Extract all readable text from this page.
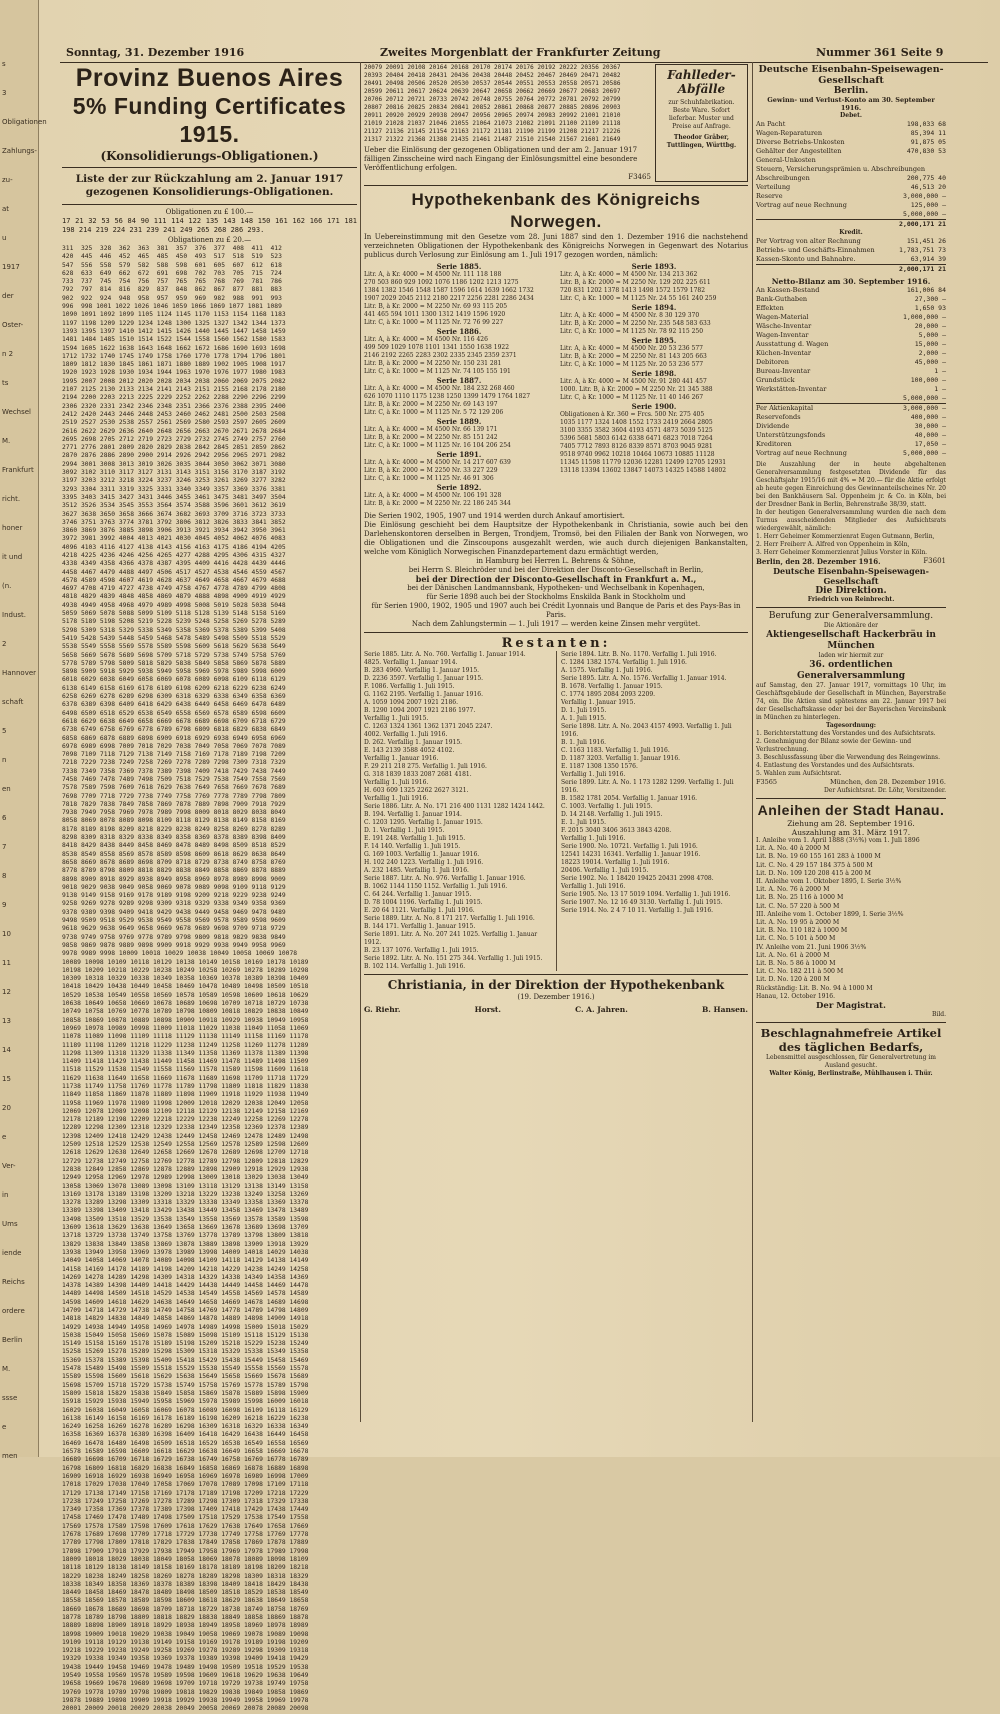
s
3
Obligationen
Zahlungs-
zu-
at
u
1917
der
Oster-
n 2
ts
Wechsel
M.
Frankfurt
richt.
honer
it und
(n.
Indust.
2
Hannover
schaft
5
n
en
6
7
8
9
10
11
12
13
14
15
20
e
Ver-
in
Ums
iende
Reichs
ordere
Berlin
M.
ssse
e
men
Sonntag, 31. Dezember 1916	Zweites Morgenblatt der Frankfurter Zeitung	Nummer 361 Seite 9
Provinz Buenos Aires
5% Funding Certificates 1915.
(Konsolidierungs-Obligationen.)
Liste der zur Rückzahlung am 2. Januar 1917 gezogenen Konsolidierungs-Obligationen.
Obligationen zu £ 100.—
17 21 32 53 56 84 90 111 114 122 135 143 148 150 161 162 166 171 181 198 214 219 224 231 239 241 249 265 268 286 293.
Obligationen zu £ 20.—
311  325  328  362  363  381  357  376  377  408  411  412
420  445  446  452  465  485  450  493  517  518  519  523
547  556  558  579  582  588  598  601  605  607  612  618
628  633  649  662  672  691  698  702  703  705  715  724
733  737  745  754  756  757  765  765  768  769  781  786
792  797  814  816  829  837  848  862  867  877  881  883
902  922  924  948  958  957  959  969  982  988  991  993
996  998 1001 1022 1026 1046 1059 1066 1069 1077 1081 1089
1090 1091 1092 1099 1105 1124 1145 1170 1153 1154 1168 1183
1197 1198 1209 1229 1234 1248 1300 1325 1327 1342 1344 1373
1393 1395 1397 1410 1412 1415 1426 1440 1445 1447 1458 1459
1481 1484 1485 1510 1514 1522 1544 1558 1560 1562 1580 1583
1594 1605 1622 1638 1643 1648 1662 1672 1686 1690 1693 1698
1712 1732 1740 1745 1749 1758 1760 1770 1778 1794 1796 1801
1809 1812 1830 1845 1861 1871 1880 1889 1902 1905 1908 1917
1920 1923 1928 1930 1934 1944 1963 1970 1976 1977 1980 1983
1995 2007 2008 2012 2020 2028 2034 2038 2060 2069 2075 2082
2107 2125 2130 2133 2134 2141 2143 2151 2155 2168 2178 2180
2194 2200 2203 2213 2225 2229 2252 2262 2288 2290 2296 2299
2306 2320 2331 2342 2346 2348 2351 2366 2376 2388 2395 2400
2412 2420 2443 2446 2448 2453 2460 2462 2481 2500 2503 2508
2519 2527 2530 2538 2557 2561 2569 2580 2593 2597 2605 2609
2616 2622 2629 2636 2640 2648 2656 2663 2670 2671 2678 2684
2695 2698 2705 2712 2719 2723 2729 2732 2745 2749 2757 2760
2771 2776 2801 2809 2820 2829 2838 2842 2845 2851 2859 2862
2870 2876 2886 2890 2900 2914 2926 2942 2956 2965 2971 2982
2994 3001 3008 3013 3019 3026 3035 3044 3050 3062 3071 3080
3092 3102 3110 3117 3127 3131 3143 3151 3156 3170 3187 3192
3197 3203 3212 3218 3224 3237 3246 3253 3261 3269 3277 3282
3293 3304 3311 3319 3325 3331 3340 3349 3357 3369 3376 3381
3395 3403 3415 3427 3431 3446 3455 3461 3475 3481 3497 3504
3512 3526 3534 3545 3553 3564 3574 3588 3596 3601 3612 3619
3627 3638 3650 3658 3666 3674 3682 3693 3709 3716 3723 3733
3746 3751 3763 3774 3781 3792 3806 3812 3826 3833 3841 3852
3860 3869 3876 3885 3898 3906 3913 3921 3934 3942 3950 3961
3972 3981 3992 4004 4013 4021 4030 4045 4052 4062 4076 4083
4096 4103 4116 4127 4138 4143 4156 4163 4175 4186 4194 4205
4218 4225 4236 4246 4256 4265 4277 4288 4295 4306 4315 4327
4338 4349 4358 4366 4378 4387 4395 4409 4416 4428 4439 4446
4458 4467 4479 4488 4497 4506 4517 4527 4538 4546 4559 4567
4578 4589 4598 4607 4619 4628 4637 4649 4658 4667 4679 4688
4697 4708 4719 4727 4738 4749 4758 4767 4778 4789 4799 4808
4818 4829 4839 4848 4858 4869 4879 4888 4898 4909 4919 4929
4938 4949 4958 4968 4979 4989 4998 5008 5019 5028 5038 5048
5059 5069 5078 5088 5099 5109 5118 5128 5139 5148 5158 5169
5178 5189 5198 5208 5219 5228 5239 5248 5258 5269 5278 5289
5298 5309 5318 5329 5338 5349 5358 5369 5378 5389 5399 5408
5419 5428 5439 5448 5459 5468 5478 5489 5498 5509 5518 5529
5538 5549 5558 5569 5578 5589 5598 5609 5618 5629 5638 5649
5658 5669 5678 5689 5698 5709 5718 5729 5738 5749 5758 5769
5778 5789 5798 5809 5818 5829 5838 5849 5858 5869 5878 5889
5898 5909 5918 5929 5938 5949 5958 5969 5978 5989 5998 6009
6018 6029 6038 6049 6058 6069 6078 6089 6098 6109 6118 6129
6138 6149 6158 6169 6178 6189 6198 6209 6218 6229 6238 6249
6258 6269 6278 6289 6298 6309 6318 6329 6338 6349 6358 6369
6378 6389 6398 6409 6418 6429 6438 6449 6458 6469 6478 6489
6498 6509 6518 6529 6538 6549 6558 6569 6578 6589 6598 6609
6618 6629 6638 6649 6658 6669 6678 6689 6698 6709 6718 6729
6738 6749 6758 6769 6778 6789 6798 6809 6818 6829 6838 6849
6858 6869 6878 6889 6898 6909 6918 6929 6938 6949 6958 6969
6978 6989 6998 7009 7018 7029 7038 7049 7058 7069 7078 7089
7098 7109 7118 7129 7138 7149 7158 7169 7178 7189 7198 7209
7218 7229 7238 7249 7258 7269 7278 7289 7298 7309 7318 7329
7338 7349 7358 7369 7378 7389 7398 7409 7418 7429 7438 7449
7458 7469 7478 7489 7498 7509 7518 7529 7538 7549 7558 7569
7578 7589 7598 7609 7618 7629 7638 7649 7658 7669 7678 7689
7698 7709 7718 7729 7738 7749 7758 7769 7778 7789 7798 7809
7818 7829 7838 7849 7858 7869 7878 7889 7898 7909 7918 7929
7938 7949 7958 7969 7978 7989 7998 8009 8018 8029 8038 8049
8058 8069 8078 8089 8098 8109 8118 8129 8138 8149 8158 8169
8178 8189 8198 8209 8218 8229 8238 8249 8258 8269 8278 8289
8298 8309 8318 8329 8338 8349 8358 8369 8378 8389 8398 8409
8418 8429 8438 8449 8458 8469 8478 8489 8498 8509 8518 8529
8538 8549 8558 8569 8578 8589 8598 8609 8618 8629 8638 8649
8658 8669 8678 8689 8698 8709 8718 8729 8738 8749 8758 8769
8778 8789 8798 8809 8818 8829 8838 8849 8858 8869 8878 8889
8898 8909 8918 8929 8938 8949 8958 8969 8978 8989 8998 9009
9018 9029 9038 9049 9058 9069 9078 9089 9098 9109 9118 9129
9138 9149 9158 9169 9178 9189 9198 9209 9218 9229 9238 9249
9258 9269 9278 9289 9298 9309 9318 9329 9338 9349 9358 9369
9378 9389 9398 9409 9418 9429 9438 9449 9458 9469 9478 9489
9498 9509 9518 9529 9538 9549 9558 9569 9578 9589 9598 9609
9618 9629 9638 9649 9658 9669 9678 9689 9698 9709 9718 9729
9738 9749 9758 9769 9778 9789 9798 9809 9818 9829 9838 9849
9858 9869 9878 9889 9898 9909 9918 9929 9938 9949 9958 9969
9978 9989 9998 10009 10018 10029 10038 10049 10058 10069 10078
10089 10098 10109 10118 10129 10138 10149 10158 10169 10178 10189
10198 10209 10218 10229 10238 10249 10258 10269 10278 10289 10298
10309 10318 10329 10338 10349 10358 10369 10378 10389 10398 10409
10418 10429 10438 10449 10458 10469 10478 10489 10498 10509 10518
10529 10538 10549 10558 10569 10578 10589 10598 10609 10618 10629
10638 10649 10658 10669 10678 10689 10698 10709 10718 10729 10738
10749 10758 10769 10778 10789 10798 10809 10818 10829 10838 10849
10858 10869 10878 10889 10898 10909 10918 10929 10938 10949 10958
10969 10978 10989 10998 11009 11018 11029 11038 11049 11058 11069
11078 11089 11098 11109 11118 11129 11138 11149 11158 11169 11178
11189 11198 11209 11218 11229 11238 11249 11258 11269 11278 11289
11298 11309 11318 11329 11338 11349 11358 11369 11378 11389 11398
11409 11418 11429 11438 11449 11458 11469 11478 11489 11498 11509
11518 11529 11538 11549 11558 11569 11578 11589 11598 11609 11618
11629 11638 11649 11658 11669 11678 11689 11698 11709 11718 11729
11738 11749 11758 11769 11778 11789 11798 11809 11818 11829 11838
11849 11858 11869 11878 11889 11898 11909 11918 11929 11938 11949
11958 11969 11978 11989 11998 12009 12018 12029 12038 12049 12058
12069 12078 12089 12098 12109 12118 12129 12138 12149 12158 12169
12178 12189 12198 12209 12218 12229 12238 12249 12258 12269 12278
12289 12298 12309 12318 12329 12338 12349 12358 12369 12378 12389
12398 12409 12418 12429 12438 12449 12458 12469 12478 12489 12498
12509 12518 12529 12538 12549 12558 12569 12578 12589 12598 12609
12618 12629 12638 12649 12658 12669 12678 12689 12698 12709 12718
12729 12738 12749 12758 12769 12778 12789 12798 12809 12818 12829
12838 12849 12858 12869 12878 12889 12898 12909 12918 12929 12938
12949 12958 12969 12978 12989 12998 13009 13018 13029 13038 13049
13058 13069 13078 13089 13098 13109 13118 13129 13138 13149 13158
13169 13178 13189 13198 13209 13218 13229 13238 13249 13258 13269
13278 13289 13298 13309 13318 13329 13338 13349 13358 13369 13378
13389 13398 13409 13418 13429 13438 13449 13458 13469 13478 13489
13498 13509 13518 13529 13538 13549 13558 13569 13578 13589 13598
13609 13618 13629 13638 13649 13658 13669 13678 13689 13698 13709
13718 13729 13738 13749 13758 13769 13778 13789 13798 13809 13818
13829 13838 13849 13858 13869 13878 13889 13898 13909 13918 13929
13938 13949 13958 13969 13978 13989 13998 14009 14018 14029 14038
14049 14058 14069 14078 14089 14098 14109 14118 14129 14138 14149
14158 14169 14178 14189 14198 14209 14218 14229 14238 14249 14258
14269 14278 14289 14298 14309 14318 14329 14338 14349 14358 14369
14378 14389 14398 14409 14418 14429 14438 14449 14458 14469 14478
14489 14498 14509 14518 14529 14538 14549 14558 14569 14578 14589
14598 14609 14618 14629 14638 14649 14658 14669 14678 14689 14698
14709 14718 14729 14738 14749 14758 14769 14778 14789 14798 14809
14818 14829 14838 14849 14858 14869 14878 14889 14898 14909 14918
14929 14938 14949 14958 14969 14978 14989 14998 15009 15018 15029
15038 15049 15058 15069 15078 15089 15098 15109 15118 15129 15138
15149 15158 15169 15178 15189 15198 15209 15218 15229 15238 15249
15258 15269 15278 15289 15298 15309 15318 15329 15338 15349 15358
15369 15378 15389 15398 15409 15418 15429 15438 15449 15458 15469
15478 15489 15498 15509 15518 15529 15538 15549 15558 15569 15578
15589 15598 15609 15618 15629 15638 15649 15658 15669 15678 15689
15698 15709 15718 15729 15738 15749 15758 15769 15778 15789 15798
15809 15818 15829 15838 15849 15858 15869 15878 15889 15898 15909
15918 15929 15938 15949 15958 15969 15978 15989 15998 16009 16018
16029 16038 16049 16058 16069 16078 16089 16098 16109 16118 16129
16138 16149 16158 16169 16178 16189 16198 16209 16218 16229 16238
16249 16258 16269 16278 16289 16298 16309 16318 16329 16338 16349
16358 16369 16378 16389 16398 16409 16418 16429 16438 16449 16458
16469 16478 16489 16498 16509 16518 16529 16538 16549 16558 16569
16578 16589 16598 16609 16618 16629 16638 16649 16658 16669 16678
16689 16698 16709 16718 16729 16738 16749 16758 16769 16778 16789
16798 16809 16818 16829 16838 16849 16858 16869 16878 16889 16898
16909 16918 16929 16938 16949 16958 16969 16978 16989 16998 17009
17018 17029 17038 17049 17058 17069 17078 17089 17098 17109 17118
17129 17138 17149 17158 17169 17178 17189 17198 17209 17218 17229
17238 17249 17258 17269 17278 17289 17298 17309 17318 17329 17338
17349 17358 17369 17378 17389 17398 17409 17418 17429 17438 17449
17458 17469 17478 17489 17498 17509 17518 17529 17538 17549 17558
17569 17578 17589 17598 17609 17618 17629 17638 17649 17658 17669
17678 17689 17698 17709 17718 17729 17738 17749 17758 17769 17778
17789 17798 17809 17818 17829 17838 17849 17858 17869 17878 17889
17898 17909 17918 17929 17938 17949 17958 17969 17978 17989 17998
18009 18018 18029 18038 18049 18058 18069 18078 18089 18098 18109
18118 18129 18138 18149 18158 18169 18178 18189 18198 18209 18218
18229 18238 18249 18258 18269 18278 18289 18298 18309 18318 18329
18338 18349 18358 18369 18378 18389 18398 18409 18418 18429 18438
18449 18458 18469 18478 18489 18498 18509 18518 18529 18538 18549
18558 18569 18578 18589 18598 18609 18618 18629 18638 18649 18658
18669 18678 18689 18698 18709 18718 18729 18738 18749 18758 18769
18778 18789 18798 18809 18818 18829 18838 18849 18858 18869 18878
18889 18898 18909 18918 18929 18938 18949 18958 18969 18978 18989
18998 19009 19018 19029 19038 19049 19058 19069 19078 19089 19098
19109 19118 19129 19138 19149 19158 19169 19178 19189 19198 19209
19218 19229 19238 19249 19258 19269 19278 19289 19298 19309 19318
19329 19338 19349 19358 19369 19378 19389 19398 19409 19418 19429
19438 19449 19458 19469 19478 19489 19498 19509 19518 19529 19538
19549 19558 19569 19578 19589 19598 19609 19618 19629 19638 19649
19658 19669 19678 19689 19698 19709 19718 19729 19738 19749 19758
19769 19778 19789 19798 19809 19818 19829 19838 19849 19858 19869
19878 19889 19898 19909 19918 19929 19938 19949 19958 19969 19978
20001 20009 20018 20029 20038 20049 20058 20069 20078 20089 20098
20079 20091 20108 20164 20168 20170 20174 20176 20192 20222 20356 20367
20393 20404 20418 20431 20436 20438 20448 20452 20467 20469 20471 20482
20491 20498 20506 20520 20530 20537 20544 20551 20553 20558 20571 20586
20599 20611 20617 20624 20639 20647 20658 20662 20669 20677 20683 20697
20706 20712 20721 20733 20742 20748 20755 20764 20772 20781 20792 20799
20807 20816 20825 20834 20841 20852 20861 20868 20877 20885 20896 20903
20911 20920 20929 20938 20947 20956 20965 20974 20983 20992 21001 21010
21019 21028 21037 21046 21055 21064 21073 21082 21091 21100 21109 21118
21127 21136 21145 21154 21163 21172 21181 21190 21199 21208 21217 21226
21317 21322 21368 21388 21435 21461 21487 21510 21540 21567 21601 21649
Ueber die Einlösung der gezogenen Obligationen und der am 2. Januar 1917 fälligen Zinsscheine wird nach Eingang der Einlösungsmittel eine besondere Veröffentlichung erfolgen.
F3465
Fahlleder-Abfälle
zur Schuhfabrikation. Beste Ware. Sofort lieferbar. Muster und Preise auf Anfrage.
Theodor Gräber, Tuttlingen, Württbg.
Hypothekenbank des Königreichs Norwegen.
In Uebereinstimmung mit den Gesetze vom 28. Juni 1887 sind den 1. Dezember 1916 die nachstehend verzeichneten Obligationen der Hypothekenbank des Königreichs Norwegen in Gegenwart des Notarius publicus durch Verlosung zur Einlösung am 1. Juli 1917 gezogen worden, nämlich:
Serie 1885.
Litr. A, à Kr. 4000 = M 4500 Nr. 111 118 188
270 503 860 929 1092 1076 1186 1202 1213 1275
1384 1382 1546 1548 1587 1596 1614 1639 1662 1732
1907 2029 2045 2112 2180 2217 2256 2281 2286 2434
Litr. B, à Kr. 2000 = M 2250 Nr. 69 93 115 205
441 465 594 1011 1300 1312 1419 1596 1920
Litr. C, à Kr. 1000 = M 1125 Nr. 72 76 99 227
Serie 1886.
Litr. A, à Kr. 4000 = M 4500 Nr. 116 426
499 509 1029 1078 1101 1341 1550 1638 1922
2146 2192 2265 2283 2302 2335 2345 2359 2371
Litr. B, à Kr. 2000 = M 2250 Nr. 150 231 281
Litr. C, à Kr. 1000 = M 1125 Nr. 74 105 155 191
Serie 1887.
Litr. A, à Kr. 4000 = M 4500 Nr. 184 232 268 460
626 1070 1110 1175 1238 1250 1399 1479 1764 1827
Litr. B, à Kr. 2000 = M 2250 Nr. 69 143 197
Litr. C, à Kr. 1000 = M 1125 Nr. 5 72 129 206
Serie 1889.
Litr. A, à Kr. 4000 = M 4500 Nr. 66 139 171
Litr. B, à Kr. 2000 = M 2250 Nr. 85 151 242
Litr. C, à Kr. 1000 = M 1125 Nr. 16 104 206 254
Serie 1891.
Litr. A, à Kr. 4000 = M 4500 Nr. 14 217 607 639
Litr. B, à Kr. 2000 = M 2250 Nr. 33 227 229
Litr. C, à Kr. 1000 = M 1125 Nr. 46 91 306
Serie 1892.
Litr. A, à Kr. 4000 = M 4500 Nr. 106 191 328
Litr. B, à Kr. 2000 = M 2250 Nr. 22 186 245 344
Serie 1893.
Litr. A, à Kr. 4000 = M 4500 Nr. 134 213 362
Litr. B, à Kr. 2000 = M 2250 Nr. 129 202 225 611
720 831 1202 1378 1413 1498 1572 1579 1782
Litr. C, à Kr. 1000 = M 1125 Nr. 24 55 161 240 259
Serie 1894.
Litr. A, à Kr. 4000 = M 4500 Nr. 8 30 129 370
Litr. B, à Kr. 2000 = M 2250 Nr. 235 548 583 633
Litr. C, à Kr. 1000 = M 1125 Nr. 78 92 115 250
Serie 1895.
Litr. A, à Kr. 4000 = M 4500 Nr. 20 53 236 577
Litr. B, à Kr. 2000 = M 2250 Nr. 81 143 205 663
Litr. C, à Kr. 1000 = M 1125 Nr. 20 53 236 577
Serie 1898.
Litr. A, à Kr. 4000 = M 4500 Nr. 91 280 441 457
1000. Litr. B, à Kr. 2000 = M 2250 Nr. 21 345 388
Litr. C, à Kr. 1000 = M 1125 Nr. 11 40 146 267
Serie 1900.
Obligationen à Kr. 360 = Frcs. 500 Nr. 275 405
1035 1177 1324 1408 1552 1733 2419 2664 2805
3100 3355 3582 3604 4193 4571 4873 5039 5125
5396 5681 5803 6142 6338 6471 6823 7018 7264
7405 7712 7893 8126 8339 8571 8703 9045 9281
9518 9740 9962 10218 10464 10673 10885 11128
11345 11598 11779 12036 12281 12499 12705 12931
13118 13394 13602 13847 14073 14325 14588 14802
Die Serien 1902, 1905, 1907 und 1914 werden durch Ankauf amortisiert.
Die Einlösung geschieht bei dem Hauptsitze der Hypothekenbank in Christiania, sowie auch bei den Darlehenskontoren derselben in Bergen, Trondjem, Tromsö, bei den Filialen der Bank von Norwegen, wo die Obligationen und die Zinscoupons ausgezahlt werden, wie auch durch diejenigen Bankanstalten, welche vom Königlich Norwegischen Finanzdepartement dazu ermächtigt werden,
in Hamburg bei Herren L. Behrens & Söhne,
bei Herrn S. Bleichröder und bei der Direktion der Disconto-Gesellschaft in Berlin,
bei der Direction der Disconto-Gesellschaft in Frankfurt a. M.,
bei der Dänischen Landmannsbank, Hypotheken- und Wechselbank in Kopenhagen,
für Serie 1898 auch bei der Stockholms Enskilda Bank in Stockholm und
für Serien 1900, 1902, 1905 und 1907 auch bei Crédit Lyonnais und Banque de Paris et des Pays-Bas in Paris.
Nach dem Zahlungstermin — 1. Juli 1917 — werden keine Zinsen mehr vergütet.
Restanten:
Serie 1885. Litr. A. No. 760. Verfallig 1. Januar 1914.
4825. Verfallig 1. Januar 1914.
B. 283 4960. Verfallig 1. Januar 1915.
D. 2236 3597. Verfallig 1. Januar 1915.
F. 1086. Verfallig 1. Juli 1915.
G. 1162 2195. Verfallig 1. Januar 1916.
A. 1059 1094 2007 1921 2186.
B. 1290 1094 2007 1921 2186 1977.
Verfallig 1. Juli 1915.
C. 1263 1324 1361 1362 1371 2045 2247.
4002. Verfallig 1. Juli 1916.
D. 262. Verfallig 1. Januar 1915.
E. 143 2139 3588 4052 4102.
Verfallig 1. Januar 1916.
F. 29 211 218 275. Verfallig 1. Juli 1916.
G. 318 1839 1833 2087 2681 4181.
Verfallig 1. Juli 1916.
H. 603 609 1325 2262 2627 3121.
Verfallig 1. Juli 1916.
Serie 1886. Litr. A. No. 171 216 400 1131 1282 1424 1442.
B. 194. Verfallig 1. Januar 1914.
C. 1203 1295. Verfallig 1. Januar 1915.
D. 1. Verfallig 1. Juli 1915.
E. 191 248. Verfallig 1. Juli 1915.
F. 14 140. Verfallig 1. Juli 1915.
G. 169 1003. Verfallig 1. Januar 1916.
H. 102 240 1223. Verfallig 1. Juli 1916.
A. 232 1485. Verfallig 1. Juli 1916.
Serie 1887. Litr. A. No. 976. Verfallig 1. Januar 1916.
B. 1062 1144 1150 1152. Verfallig 1. Juli 1916.
C. 64 244. Verfallig 1. Januar 1915.
D. 78 1004 1196. Verfallig 1. Juli 1915.
E. 20 64 1121. Verfallig 1. Juli 1916.
Serie 1889. Litr. A. No. 8 171 217. Verfallig 1. Juli 1916.
B. 144 171. Verfallig 1. Januar 1915.
Serie 1891. Litr. A. No. 207 241 1025. Verfallig 1. Januar 1912.
B. 23 137 1076. Verfallig 1. Juli 1915.
Serie 1892. Litr. A. No. 151 275 344. Verfallig 1. Juli 1915.
B. 102 114. Verfallig 1. Juli 1916.
Serie 1894. Litr. B. No. 1170. Verfallig 1. Juli 1916.
C. 1284 1382 1574. Verfallig 1. Juli 1916.
A. 1575. Verfallig 1. Juli 1916.
Serie 1895. Litr. A. No. 1576. Verfallig 1. Januar 1914.
B. 1678. Verfallig 1. Januar 1915.
C. 1774 1895 2084 2093 2209.
Verfallig 1. Januar 1915.
D. 1. Juli 1915.
A. 1. Juli 1915.
Serie 1898. Litr. A. No. 2043 4157 4993. Verfallig 1. Juli 1916.
B. 1. Juli 1916.
C. 1163 1183. Verfallig 1. Juli 1916.
D. 1187 3203. Verfallig 1. Januar 1916.
E. 1187 1308 1350 1576.
Verfallig 1. Juli 1916.
Serie 1899. Litr. A. No. 1 173 1282 1299. Verfallig 1. Juli 1916.
B. 1582 1781 2054. Verfallig 1. Januar 1916.
C. 1003. Verfallig 1. Juli 1915.
D. 14 2148. Verfallig 1. Juli 1915.
E. 1. Juli 1915.
F. 2015 3040 3406 3613 3843 4208.
Verfallig 1. Juli 1916.
Serie 1900. No. 10721. Verfallig 1. Juli 1916.
12541 14231 16341. Verfallig 1. Januar 1916.
18223 19014. Verfallig 1. Juli 1916.
20406. Verfallig 1. Juli 1915.
Serie 1902. No. 1 18420 19425 20431 2998 4708.
Verfallig 1. Juli 1916.
Serie 1905. No. 13 17 5019 1094. Verfallig 1. Juli 1916.
Serie 1907. No. 12 16 49 3130. Verfallig 1. Juli 1915.
Serie 1914. No. 2 4 7 10 11. Verfallig 1. Juli 1916.
Christiania, in der Direktion der Hypothekenbank
(19. Dezember 1916.)
G. Riehr.	Horst.	C. A. Jahren.	B. Hansen.
Deutsche Eisenbahn-Speisewagen-Gesellschaft
Berlin.
Gewinn- und Verlust-Konto am 30. September 1916.
Debet.
An Pacht	198,033 68
Wagen-Reparaturen	85,394 11
Diverse Betriebs-Unkosten	91,875 05
Gehälter der Angestellten	470,830 53
General-Unkosten
Steuern, Versicherungsprämien u. Abschreibungen
Abschreibungen	200,775 40
Verteilung	46,513 20
Reserve	3,000,000 —
Vortrag auf neue Rechnung	125,000 —
5,000,000 —
2,000,171 21
Kredit.
Per Vortrag von alter Rechnung	151,451 26
Betriebs- und Geschäfts-Einnahmen	1,783,751 73
Kassen-Skonto und Bahnabre.	63,914 39
2,000,171 21
Netto-Bilanz am 30. September 1916.
An Kassen-Bestand	161,006 84
Bank-Guthaben	27,300 —
Effekten	1,650 93
Wagen-Material	1,000,000 —
Wäsche-Inventar	20,000 —
Wagen-Inventar	5,000 —
Ausstattung d. Wagen	15,000 —
Küchen-Inventar	2,000 —
Debitoren	45,000 —
Bureau-Inventar	1 —
Grundstück	100,000 —
Werkstätten-Inventar	1 —
5,000,000 —
Per Aktienkapital	3,000,000 —
Reservefonds	400,000 —
Dividende	30,000 —
Unterstützungsfonds	40,000 —
Kreditoren	17,050 —
Vortrag auf neue Rechnung	5,000,000 —
Die Auszahlung der in heute abgehaltenen Generalversammlung festgesetzten Dividende für das Geschäftsjahr 1915/16 mit 4% = M 20.— für die Aktie erfolgt ab heute gegen Einreichung des Gewinnanteilscheines Nr. 20 bei den Bankhäusern Sal. Oppenheim jr. & Co. in Köln, bei der Dresdner Bank in Berlin, Behrenstraße 38/39, statt.
In der heutigen Generalversammlung wurden die nach dem Turnus ausscheidenden Mitglieder des Aufsichtsrats wiedergewählt, nämlich:
1. Herr Geheimer Kommerzienrat Eugen Gutmann, Berlin,
2. Herr Freiherr A. Alfred von Oppenheim in Köln,
3. Herr Geheimer Kommerzienrat Julius Vorster in Köln.
Berlin, den 28. Dezember 1916.	F3601
Deutsche Eisenbahn-Speisewagen-Gesellschaft
Die Direktion.
Friedrich von Reinbrecht.
Berufung zur Generalversammlung.
Die Aktionäre der
Aktiengesellschaft Hackerbräu in München
laden wir hiermit zur
36. ordentlichen Generalversammlung
auf Samstag, den 27. Januar 1917, vormittags 10 Uhr, im Geschäftsgebäude der Gesellschaft in München, Bayerstraße 74, ein. Die Aktien sind spätestens am 22. Januar 1917 bei der Gesellschaftskasse oder bei der Bayerischen Vereinsbank in München zu hinterlegen.
Tagesordnung:
1. Berichterstattung des Vorstandes und des Aufsichtsrats.
2. Genehmigung der Bilanz sowie der Gewinn- und Verlustrechnung.
3. Beschlussfassung über die Verwendung des Reingewinns.
4. Entlastung des Vorstandes und des Aufsichtsrats.
5. Wahlen zum Aufsichtsrat.
F3565	München, den 28. Dezember 1916.
Der Aufsichtsrat. Dr. Löhr, Vorsitzender.
Anleihen der Stadt Hanau.
Ziehung am 28. September 1916.
Auszahlung am 31. März 1917.
I. Anleihe vom 1. April 1888 (3½%) vom 1. Juli 1896
Lit. A. No. 40 à 2000 M
Lit. B. No. 19 60 155 161 283 à 1000 M
Lit. C. No. 4 29 157 184 375 à 500 M
Lit. D. No. 109 120 208 415 à 200 M
II. Anleihe vom 1. Oktober 1895, I. Serie 3½%
Lit. A. No. 76 à 2000 M
Lit. B. No. 25 116 à 1000 M
Lit. C. No. 57 220 à 500 M
III. Anleihe vom 1. October 1899, I. Serie 3½%
Lit. A. No. 19 95 à 2000 M
Lit. B. No. 110 182 à 1000 M
Lit. C. No. 5 101 à 500 M
IV. Anleihe vom 21. Juni 1906 3½%
Lit. A. No. 61 à 2000 M
Lit. B. No. 5 86 à 1000 M
Lit. C. No. 182 211 à 500 M
Lit. D. No. 120 à 200 M
Rückständig: Lit. B. No. 94 à 1000 M
Hanau, 12. October 1916.
Der Magistrat.
Bild.
Beschlagnahmefreie Artikel
des täglichen Bedarfs,
Lebensmittel ausgeschlossen, für Generalvertretung im Ausland gesucht.
Walter König, Berlinstraße, Mühlhausen i. Thür.
